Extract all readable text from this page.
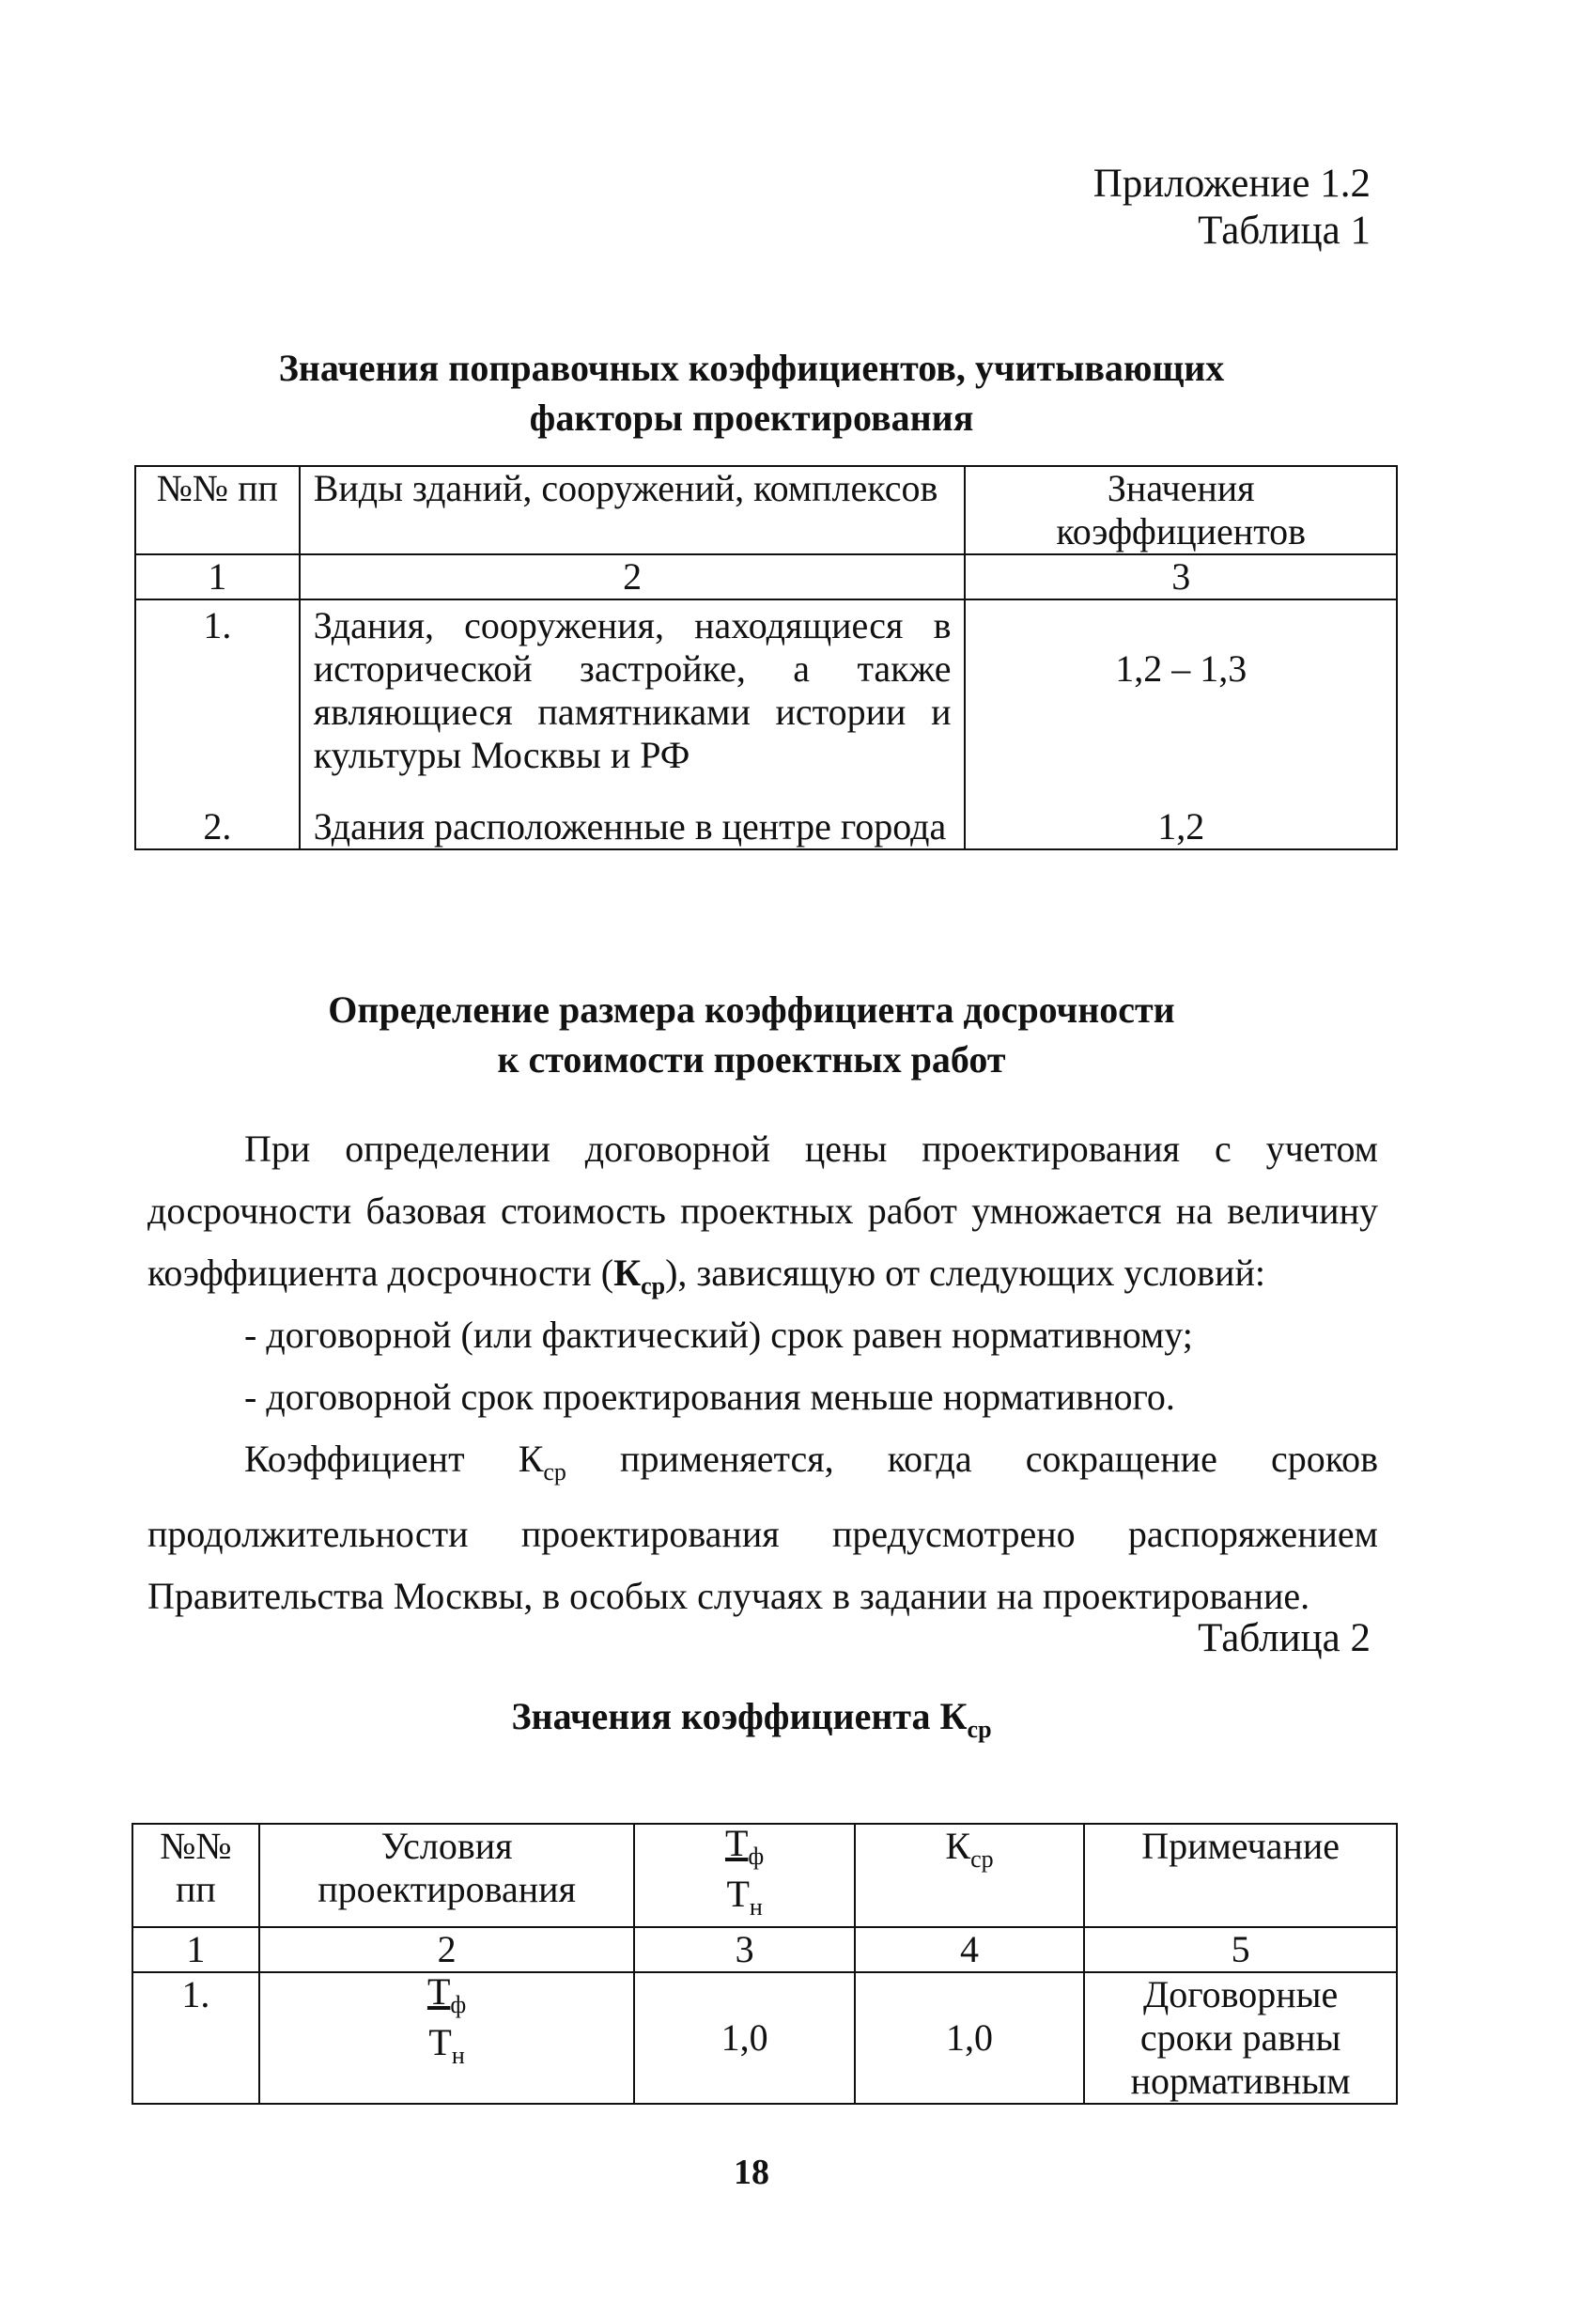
Приложение 1.2
Таблица 1
Значения поправочных коэффициентов, учитывающих
факторы проектирования
№№ пп	Виды зданий, сооружений, комплексов	Значения коэффициентов
1	2	3
1.	Здания, сооружения, находящиеся в исторической застройке, а также являющиеся памятниками истории и культуры Москвы и РФ	1,2 – 1,3
2.	Здания расположенные в центре города	1,2
Определение размера коэффициента досрочности
к стоимости проектных работ
При определении договорной цены проектирования с учетом досрочности базовая стоимость проектных работ умножается на величину коэффициента досрочности $(К_{ср})$, зависящую от следующих условий:
- договорной (или фактический) срок равен нормативному;
- договорной срок проектирования меньше нормативного.
Коэффициент $К_{ср}$ применяется, когда сокращение сроков продолжительности проектирования предусмотрено распоряжением Правительства Москвы, в особых случаях в задании на проектирование.
Таблица 2
Значения коэффициента $К_{ср}$
№№ пп	Условия проектирования	$\frac{Т_ф}{Т_н}$	$К_{ср}$	Примечание
1	2	3	4	5
1.	$\frac{Т_ф}{Т_н}$	1,0	1,0	Договорные сроки равны нормативным
18
